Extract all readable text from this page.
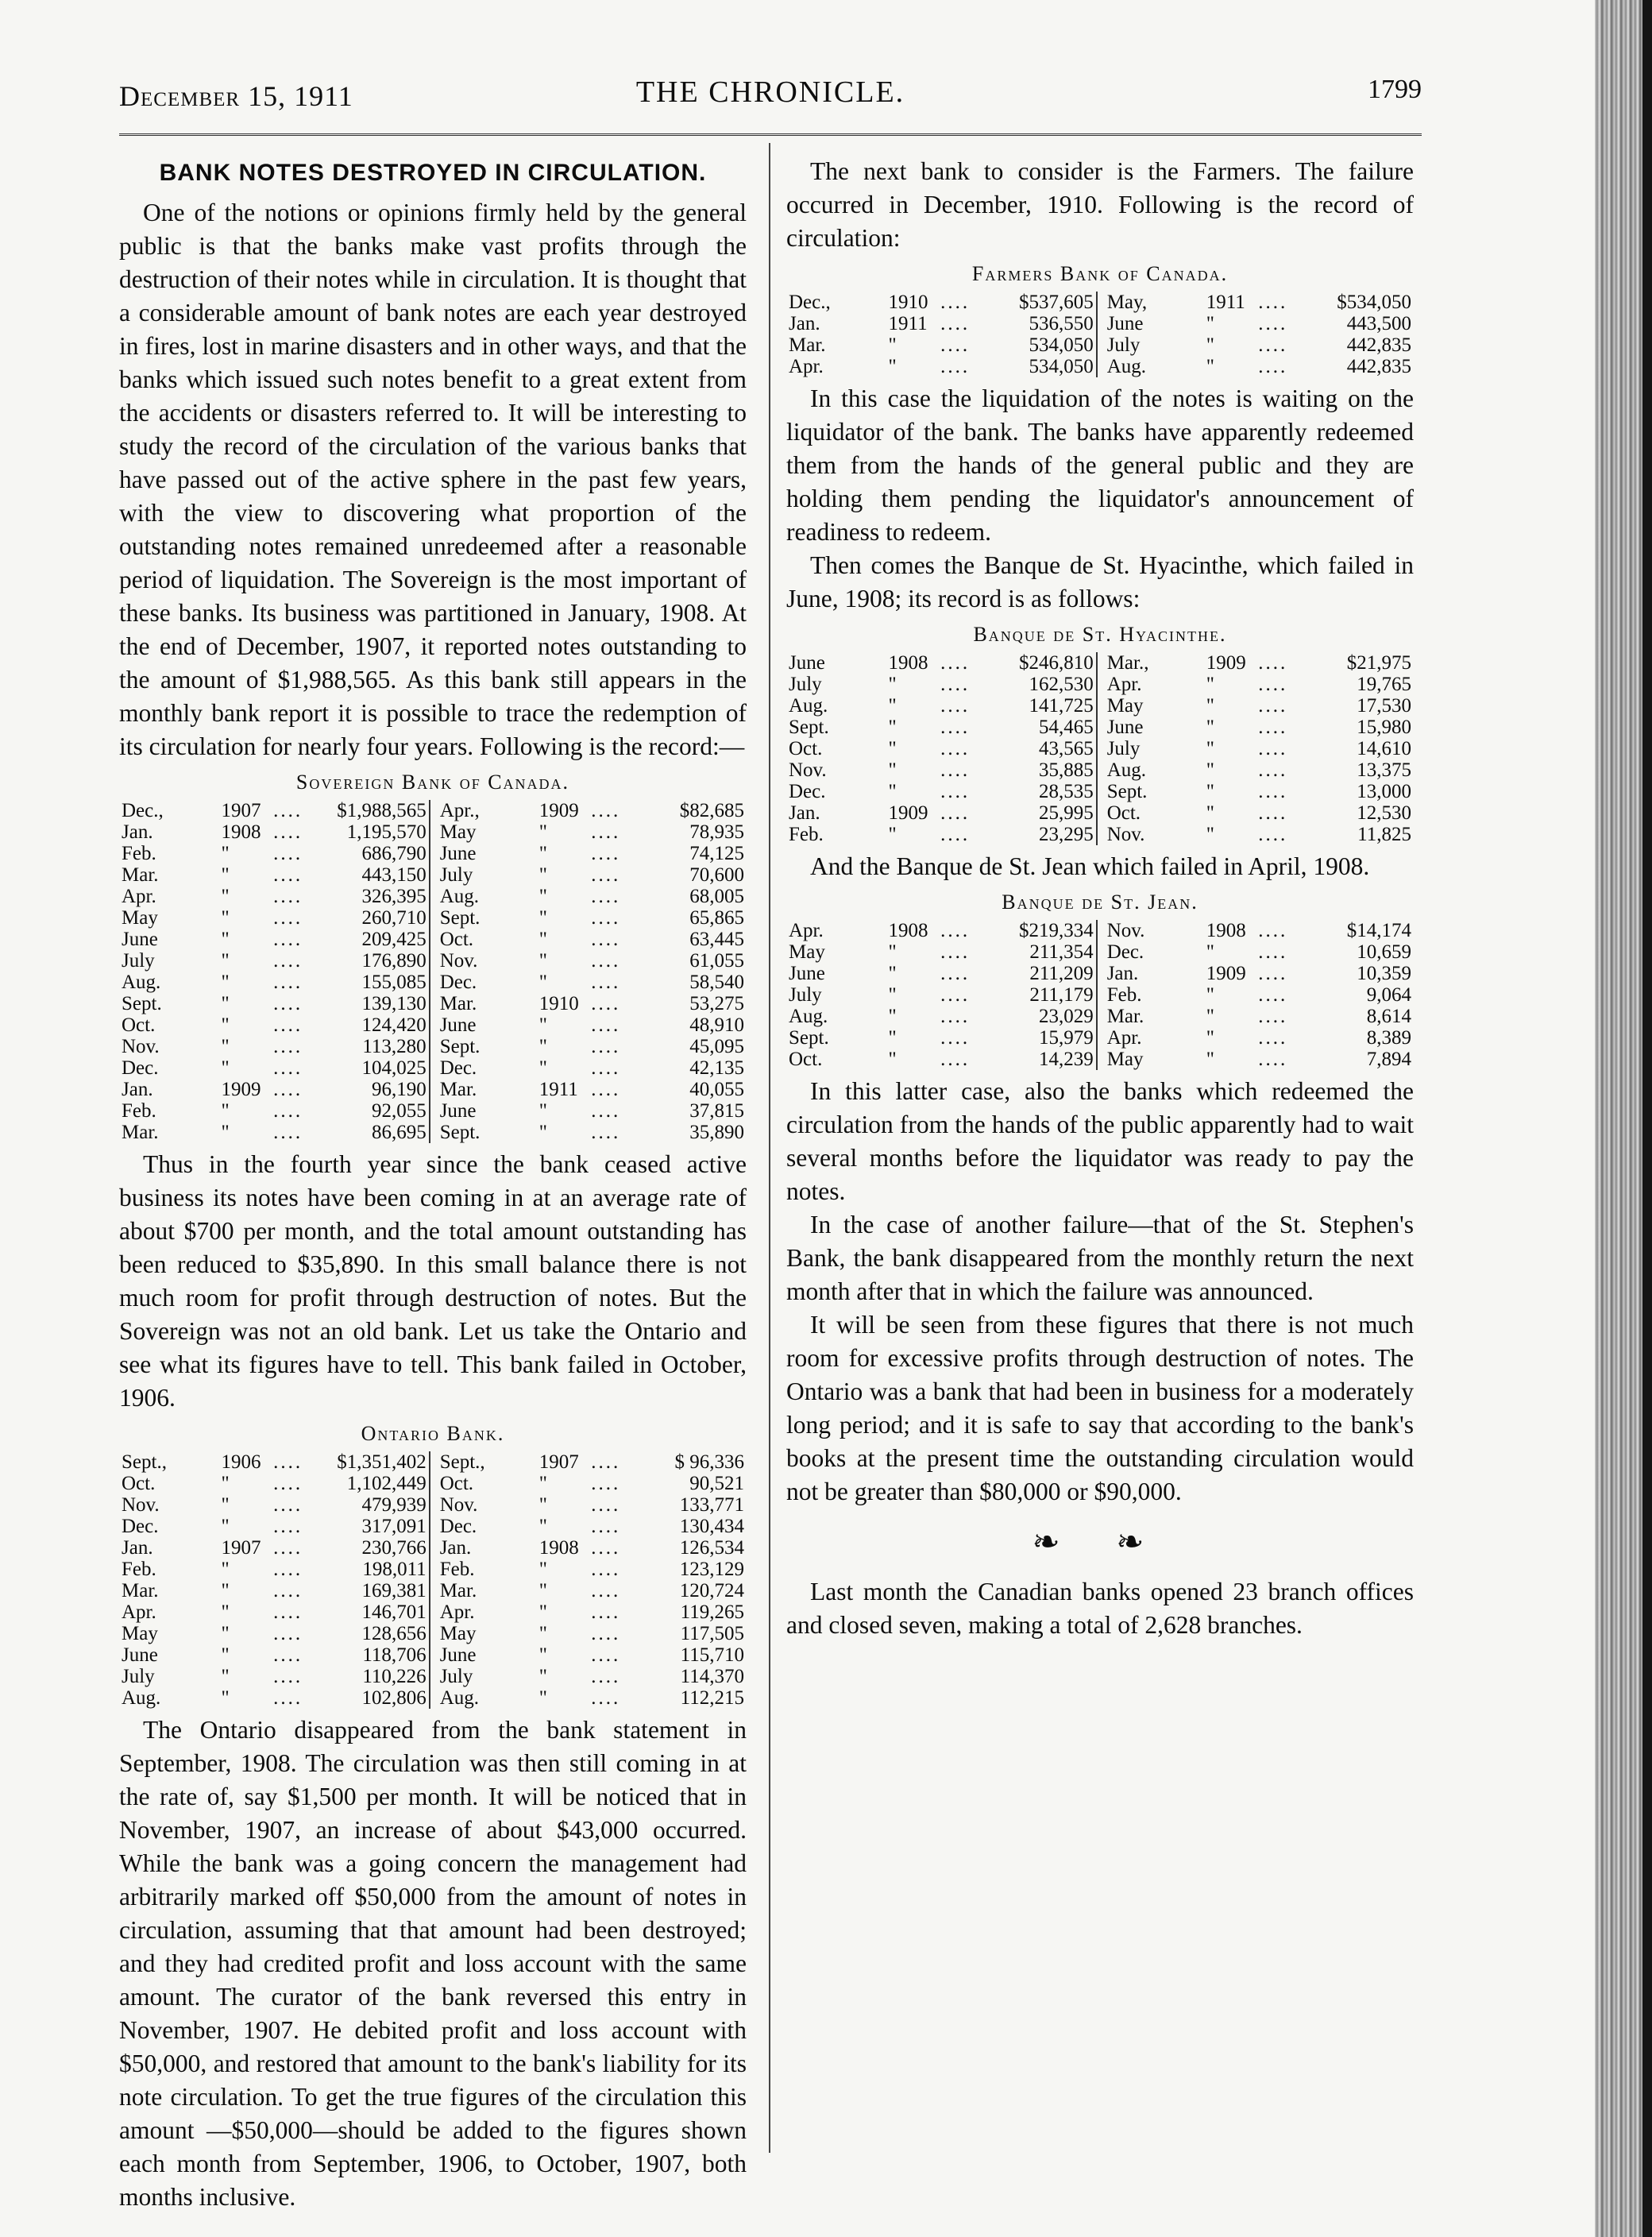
December 15, 1911	THE CHRONICLE.	1799
BANK NOTES DESTROYED IN CIRCULATION.

One of the notions or opinions firmly held by the general public is that the banks make vast profits through the destruction of their notes while in circulation. It is thought that a considerable amount of bank notes are each year destroyed in fires, lost in marine disasters and in other ways, and that the banks which issued such notes benefit to a great extent from the accidents or disasters referred to. It will be interesting to study the record of the circulation of the various banks that have passed out of the active sphere in the past few years, with the view to discovering what proportion of the outstanding notes remained unredeemed after a reasonable period of liquidation. The Sovereign is the most important of these banks. Its business was partitioned in January, 1908. At the end of December, 1907, it reported notes outstanding to the amount of $1,988,565. As this bank still appears in the monthly bank report it is possible to trace the redemption of its circulation for nearly four years. Following is the record:—

Sovereign Bank of Canada.
Dec.,	1907	....	$1,988,565	Apr.,	1909	....	$82,685
Jan.	1908	....	1,195,570	May	"	....	78,935
Feb.	"	....	686,790	June	"	....	74,125
Mar.	"	....	443,150	July	"	....	70,600
Apr.	"	....	326,395	Aug.	"	....	68,005
May	"	....	260,710	Sept.	"	....	65,865
June	"	....	209,425	Oct.	"	....	63,445
July	"	....	176,890	Nov.	"	....	61,055
Aug.	"	....	155,085	Dec.	"	....	58,540
Sept.	"	....	139,130	Mar.	1910	....	53,275
Oct.	"	....	124,420	June	"	....	48,910
Nov.	"	....	113,280	Sept.	"	....	45,095
Dec.	"	....	104,025	Dec.	"	....	42,135
Jan.	1909	....	96,190	Mar.	1911	....	40,055
Feb.	"	....	92,055	June	"	....	37,815
Mar.	"	....	86,695	Sept.	"	....	35,890

Thus in the fourth year since the bank ceased active business its notes have been coming in at an average rate of about $700 per month, and the total amount outstanding has been reduced to $35,890. In this small balance there is not much room for profit through destruction of notes. But the Sovereign was not an old bank. Let us take the Ontario and see what its figures have to tell. This bank failed in October, 1906.

Ontario Bank.
Sept.,	1906	....	$1,351,402	Sept.,	1907	....	$ 96,336
Oct.	"	....	1,102,449	Oct.	"	....	90,521
Nov.	"	....	479,939	Nov.	"	....	133,771
Dec.	"	....	317,091	Dec.	"	....	130,434
Jan.	1907	....	230,766	Jan.	1908	....	126,534
Feb.	"	....	198,011	Feb.	"	....	123,129
Mar.	"	....	169,381	Mar.	"	....	120,724
Apr.	"	....	146,701	Apr.	"	....	119,265
May	"	....	128,656	May	"	....	117,505
June	"	....	118,706	June	"	....	115,710
July	"	....	110,226	July	"	....	114,370
Aug.	"	....	102,806	Aug.	"	....	112,215

The Ontario disappeared from the bank statement in September, 1908. The circulation was then still coming in at the rate of, say $1,500 per month. It will be noticed that in November, 1907, an increase of about $43,000 occurred. While the bank was a going concern the management had arbitrarily marked off $50,000 from the amount of notes in circulation, assuming that that amount had been destroyed; and they had credited profit and loss account with the same amount. The curator of the bank reversed this entry in November, 1907. He debited profit and loss account with $50,000, and restored that amount to the bank's liability for its note circulation. To get the true figures of the circulation this amount —$50,000—should be added to the figures shown each month from September, 1906, to October, 1907, both months inclusive.

The next bank to consider is the Farmers. The failure occurred in December, 1910. Following is the record of circulation:

Farmers Bank of Canada.
Dec.,	1910	....	$537,605	May,	1911	....	$534,050
Jan.	1911	....	536,550	June	"	....	443,500
Mar.	"	....	534,050	July	"	....	442,835
Apr.	"	....	534,050	Aug.	"	....	442,835

In this case the liquidation of the notes is waiting on the liquidator of the bank. The banks have apparently redeemed them from the hands of the general public and they are holding them pending the liquidator's announcement of readiness to redeem.

Then comes the Banque de St. Hyacinthe, which failed in June, 1908; its record is as follows:

Banque de St. Hyacinthe.
June	1908	....	$246,810	Mar.,	1909	....	$21,975
July	"	....	162,530	Apr.	"	....	19,765
Aug.	"	....	141,725	May	"	....	17,530
Sept.	"	....	54,465	June	"	....	15,980
Oct.	"	....	43,565	July	"	....	14,610
Nov.	"	....	35,885	Aug.	"	....	13,375
Dec.	"	....	28,535	Sept.	"	....	13,000
Jan.	1909	....	25,995	Oct.	"	....	12,530
Feb.	"	....	23,295	Nov.	"	....	11,825

And the Banque de St. Jean which failed in April, 1908.

Banque de St. Jean.
Apr.	1908	....	$219,334	Nov.	1908	....	$14,174
May	"	....	211,354	Dec.	"	....	10,659
June	"	....	211,209	Jan.	1909	....	10,359
July	"	....	211,179	Feb.	"	....	9,064
Aug.	"	....	23,029	Mar.	"	....	8,614
Sept.	"	....	15,979	Apr.	"	....	8,389
Oct.	"	....	14,239	May	"	....	7,894

In this latter case, also the banks which redeemed the circulation from the hands of the public apparently had to wait several months before the liquidator was ready to pay the notes.

In the case of another failure—that of the St. Stephen's Bank, the bank disappeared from the monthly return the next month after that in which the failure was announced.

It will be seen from these figures that there is not much room for excessive profits through destruction of notes. The Ontario was a bank that had been in business for a moderately long period; and it is safe to say that according to the bank's books at the present time the outstanding circulation would not be greater than $80,000 or $90,000.

❧ ❧

Last month the Canadian banks opened 23 branch offices and closed seven, making a total of 2,628 branches.
